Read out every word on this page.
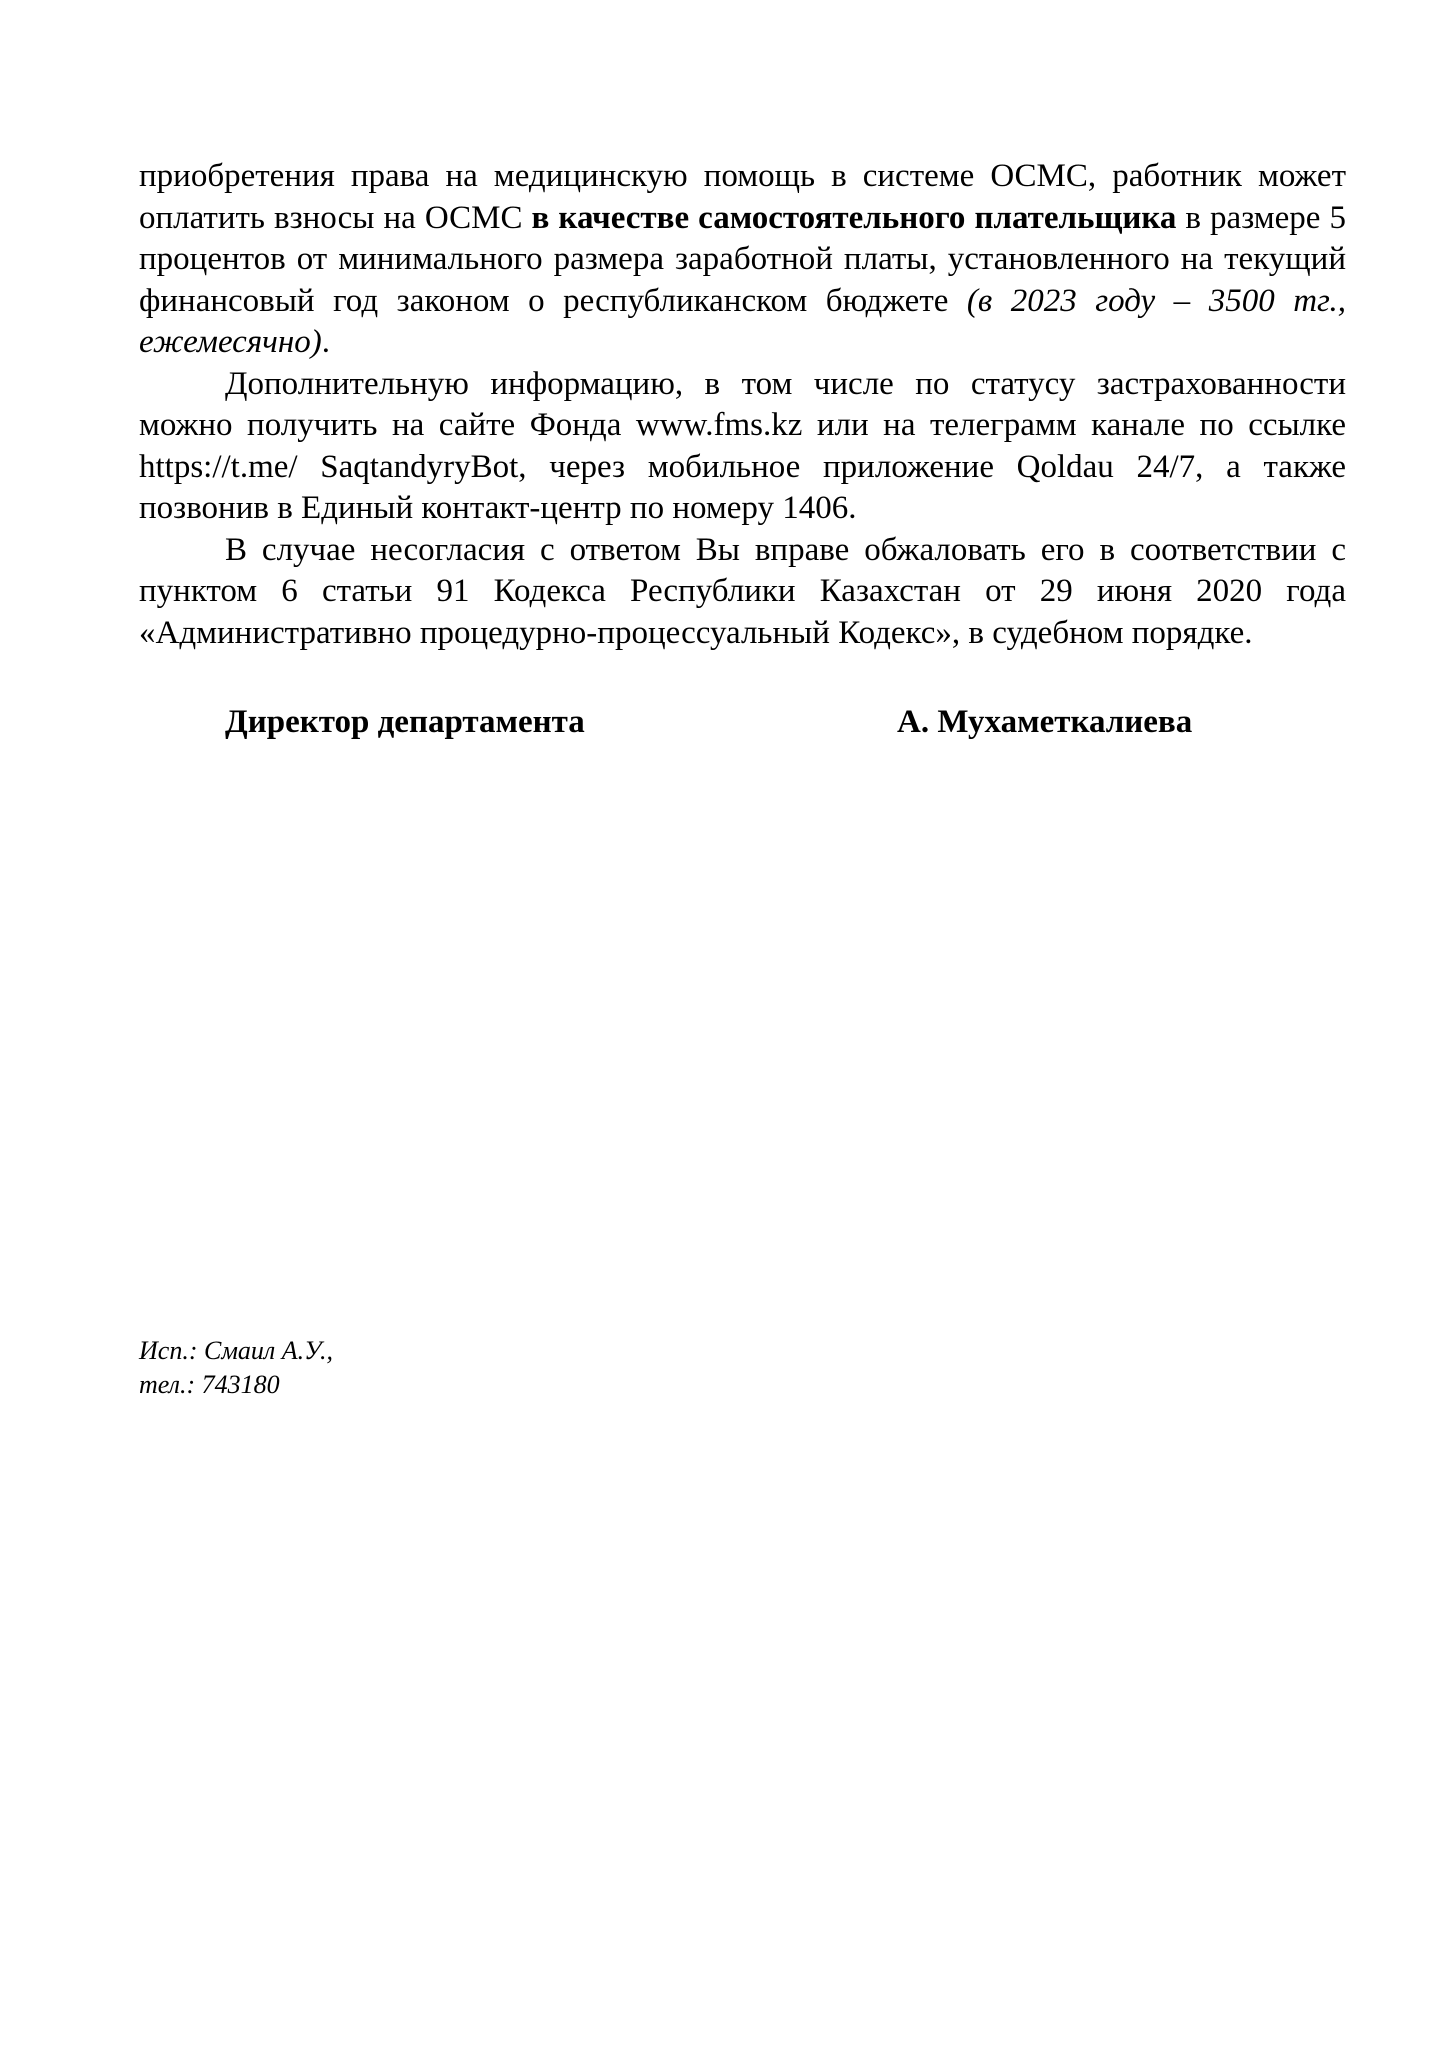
приобретения права на медицинскую помощь в системе ОСМС, работник может оплатить взносы на ОСМС в качестве самостоятельного плательщика в размере 5 процентов от минимального размера заработной платы, установленного на текущий финансовый год законом о республиканском бюджете (в 2023 году – 3500 тг., ежемесячно).

Дополнительную информацию, в том числе по статусу застрахованности можно получить на сайте Фонда www.fms.kz или на телеграмм канале по ссылке https://t.me/ SaqtandyryBot, через мобильное приложение Qoldau 24/7, а также позвонив в Единый контакт-центр по номеру 1406.

В случае несогласия с ответом Вы вправе обжаловать его в соответствии с пунктом 6 статьи 91 Кодекса Республики Казахстан от 29 июня 2020 года «Административно процедурно-процессуальный Кодекс», в судебном порядке.

Директор департамента	А. Мухаметкалиева
Исп.: Смаил А.У.,
тел.: 743180
